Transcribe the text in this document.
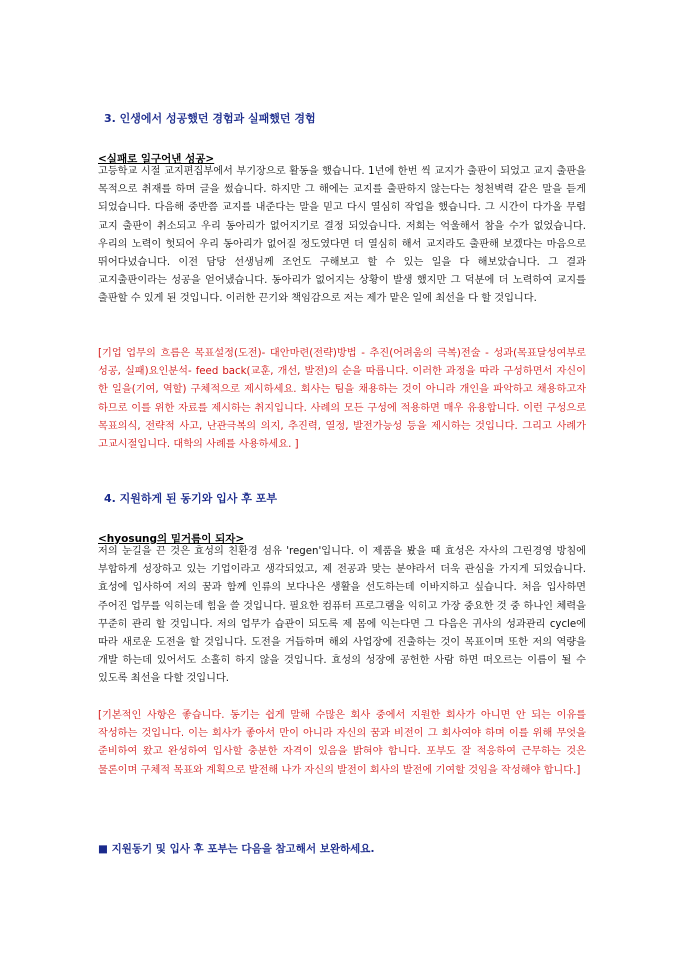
3. 인생에서 성공했던 경험과 실패했던 경험
<실패로 일구어낸 성공>

고등학교 시절 교지편집부에서 부기장으로 활동을 했습니다. 1년에 한번 씩 교지가 출판이 되었고 교지 출판을 목적으로 취재를 하며 글을 썼습니다. 하지만 그 해에는 교지를 출판하지 않는다는 청천벽력 같은 말을 듣게 되었습니다. 다음해 중반쯤 교지를 내준다는 말을 믿고 다시 열심히 작업을 했습니다. 그 시간이 다가올 무렵 교지 출판이 취소되고 우리 동아리가 없어지기로 결정 되었습니다. 저희는 억울해서 참을 수가 없었습니다. 우리의 노력이 헛되어 우리 동아리가 없어질 정도였다면 더 열심히 해서 교지라도 출판해 보겠다는 마음으로 뛰어다녔습니다. 이전 담당 선생님께 조언도 구해보고 할 수 있는 일을 다 해보았습니다. 그 결과 교지출판이라는 성공을 얻어냈습니다. 동아리가 없어지는 상황이 발생 했지만 그 덕분에 더 노력하여 교지를 출판할 수 있게 된 것입니다. 이러한 끈기와 책임감으로 저는 제가 맡은 일에 최선을 다 할 것입니다.

[기업 업무의 흐름은 목표설정(도전)- 대안마련(전략)방법 - 추진(어려움의 극복)전술 - 성과(목표달성여부로 성공, 실패)요인분석- feed back(교훈, 개선, 발전)의 순을 따릅니다. 이러한 과정을 따라 구성하면서 자신이 한 일을(기여, 역할) 구체적으로 제시하세요. 회사는 팀을 채용하는 것이 아니라 개인을 파악하고 채용하고자 하므로 이를 위한 자료를 제시하는 취지입니다. 사례의 모든 구성에 적용하면 매우 유용합니다. 이런 구성으로 목표의식, 전략적 사고, 난관극복의 의지, 추진력, 열정, 발전가능성 등을 제시하는 것입니다. 그리고 사례가 고교시절입니다. 대학의 사례를 사용하세요. ]

4. 지원하게 된 동기와 입사 후 포부
<hyosung의 밑거름이 되자>

저의 눈길을 끈 것은 효성의 친환경 섬유 'regen'입니다. 이 제품을 봤을 때 효성은 자사의 그린경영 방침에 부합하게 성장하고 있는 기업이라고 생각되었고, 제 전공과 맞는 분야라서 더욱 관심을 가지게 되었습니다. 효성에 입사하여 저의 꿈과 함께 인류의 보다나은 생활을 선도하는데 이바지하고 싶습니다. 처음 입사하면 주어진 업무를 익히는데 힘을 쓸 것입니다. 필요한 컴퓨터 프로그램을 익히고 가장 중요한 것 중 하나인 체력을 꾸준히 관리 할 것입니다. 저의 업무가 습관이 되도록 제 몸에 익는다면 그 다음은 귀사의 성과관리 cycle에 따라 새로운 도전을 할 것입니다. 도전을 거듭하며 해외 사업장에 진출하는 것이 목표이며 또한 저의 역량을 개발 하는데 있어서도 소홀히 하지 않을 것입니다. 효성의 성장에 공헌한 사람 하면 떠오르는 이름이 될 수 있도록 최선을 다할 것입니다.

[기본적인 사항은 좋습니다. 동기는 쉽게 말해 수많은 회사 중에서 지원한 회사가 아니면 안 되는 이유를 작성하는 것입니다. 이는 회사가 좋아서 만이 아니라 자신의 꿈과 비전이 그 회사여야 하며 이를 위해 무엇을 준비하여 왔고 완성하여 입사할 충분한 자격이 있음을 밝혀야 합니다. 포부도 잘 적응하여 근무하는 것은 물론이며 구체적 목표와 계획으로 발전해 나가 자신의 발전이 회사의 발전에 기여할 것임을 작성해야 합니다.]

■ 지원동기 및 입사 후 포부는 다음을 참고해서 보완하세요.
